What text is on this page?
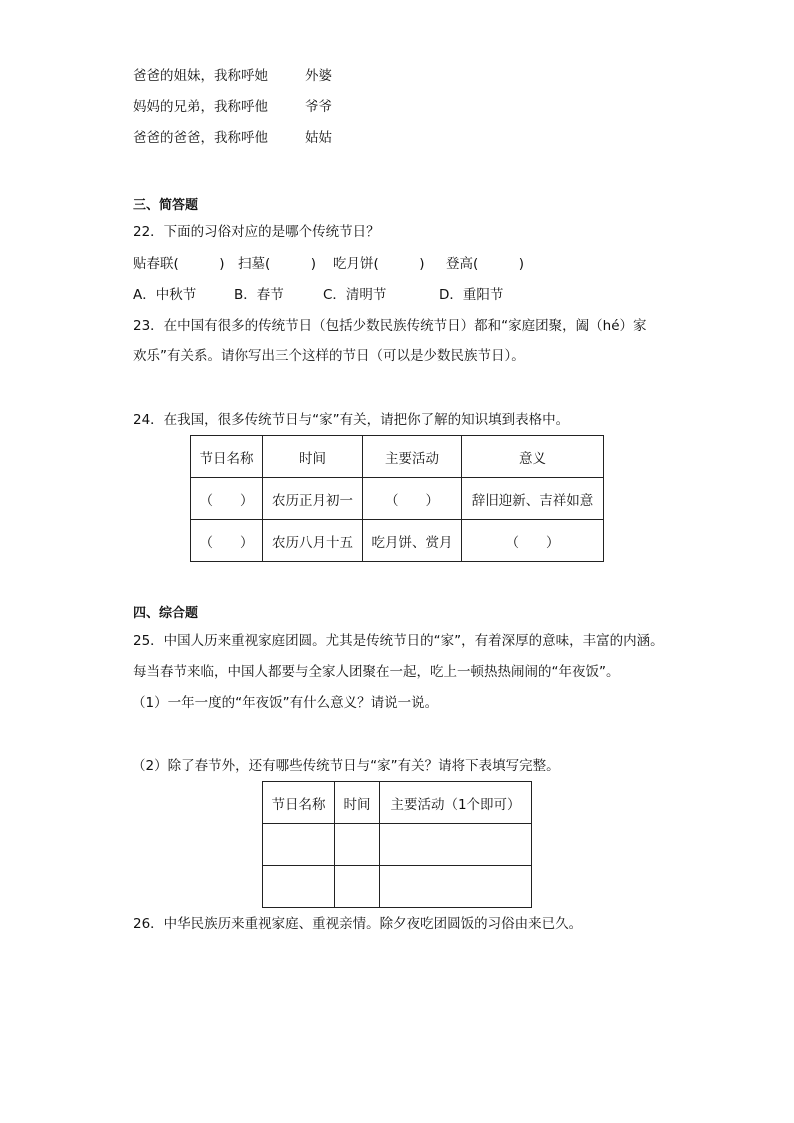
爸爸的姐妹，我称呼她	外婆
妈妈的兄弟，我称呼他	爷爷
爸爸的爸爸，我称呼他	姑姑
三、简答题
22．下面的习俗对应的是哪个传统节日？
贴春联(　　　) 扫墓(　　　) 吃月饼(　　　) 登高(　　　)
A．中秋节	B．春节	C．清明节	D．重阳节
23．在中国有很多的传统节日（包括少数民族传统节日）都和“家庭团聚，阖（hé）家
欢乐”有关系。请你写出三个这样的节日（可以是少数民族节日）。
24．在我国，很多传统节日与“家”有关，请把你了解的知识填到表格中。
节日名称	时间	主要活动	意义
（　　）	农历正月初一	（　　）	辞旧迎新、吉祥如意
（　　）	农历八月十五	吃月饼、赏月	（　　）
四、综合题
25．中国人历来重视家庭团圆。尤其是传统节日的“家”，有着深厚的意味，丰富的内涵。
每当春节来临，中国人都要与全家人团聚在一起，吃上一顿热热闹闹的“年夜饭”。
（1）一年一度的“年夜饭”有什么意义？请说一说。
（2）除了春节外，还有哪些传统节日与“家”有关？请将下表填写完整。
节日名称	时间	主要活动（1个即可）

26．中华民族历来重视家庭、重视亲情。除夕夜吃团圆饭的习俗由来已久。
